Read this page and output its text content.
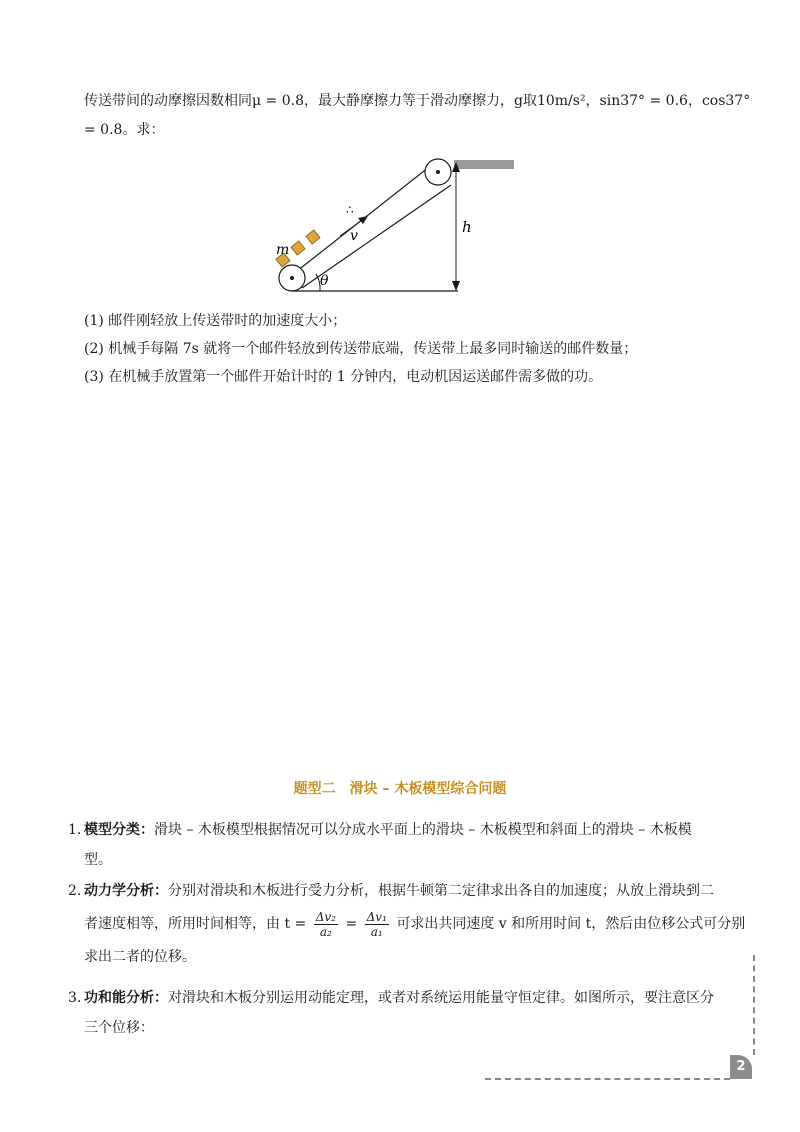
传送带间的动摩擦因数相同μ = 0.8，最大静摩擦力等于滑动摩擦力，g取10m/s²，sin37° = 0.6，cos37°
= 0.8。求：
m
v	h
θ
∴
(1) 邮件刚轻放上传送带时的加速度大小；
(2) 机械手每隔 7s 就将一个邮件轻放到传送带底端，传送带上最多同时输送的邮件数量；
(3) 在机械手放置第一个邮件开始计时的 1 分钟内，电动机因运送邮件需多做的功。
题型二　滑块 – 木板模型综合问题
1. 模型分类：滑块 – 木板模型根据情况可以分成水平面上的滑块 – 木板模型和斜面上的滑块 – 木板模
型。
2. 动力学分析：分别对滑块和木板进行受力分析，根据牛顿第二定律求出各自的加速度；从放上滑块到二
者速度相等，所用时间相等，由 $t = \frac{\text{Δv₂}}{\text{a₂}} = \frac{\text{Δv₁}}{\text{a₁}}$ 可求出共同速度 v 和所用时间 t，然后由位移公式可分别
求出二者的位移。
3. 功和能分析：对滑块和木板分别运用动能定理，或者对系统运用能量守恒定律。如图所示，要注意区分
三个位移：
2
